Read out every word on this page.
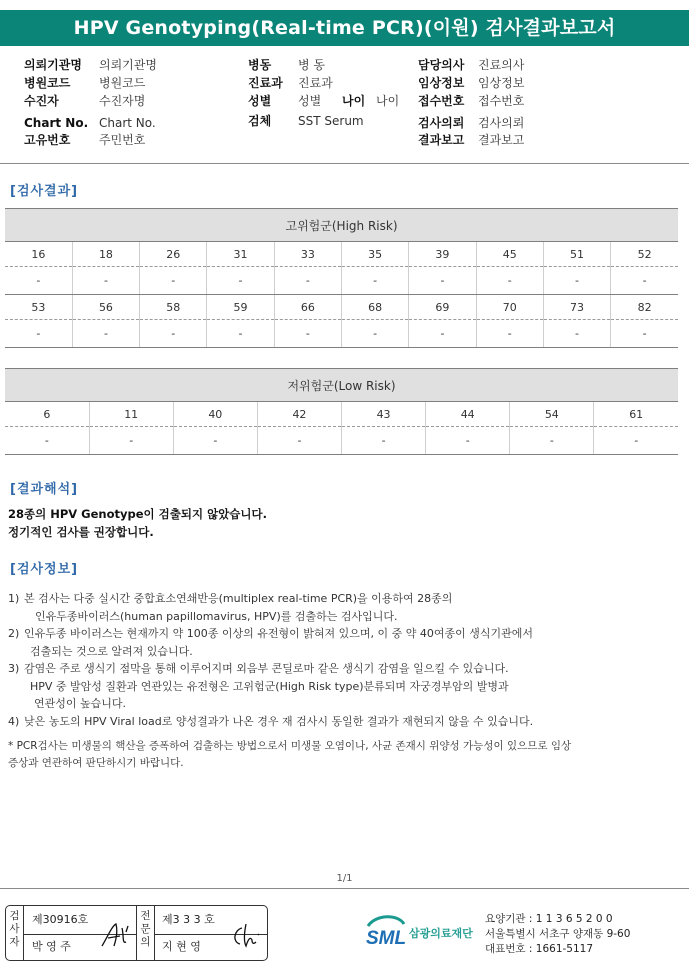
HPV Genotyping(Real-time PCR)(이원) 검사결과보고서
의뢰기관명 의뢰기관명
병원코드 병원코드
수진자	수진자명
Chart No. Chart No.
고유번호 주민번호
병동 병 동
진료과 진료과
성별 성별 나이 나이
검체 SST Serum
담당의사 진료의사
임상정보 임상정보
접수번호 접수번호
검사의뢰 검사의뢰
결과보고 결과보고
[검사결과]
고위험군(High Risk)									
16	18	26	31	33	35	39	45	51	52
-	-	-	-	-	-	-	-	-	-
53	56	58	59	66	68	69	70	73	82
-	-	-	-	-	-	-	-	-	-
저위험군(Low Risk)							
6	11	40	42	43	44	54	61
-	-	-	-	-	-	-	-
[결과해석]
28종의 HPV Genotype이 검출되지 않았습니다.
정기적인 검사를 권장합니다.
[검사정보]
1) 본 검사는 다중 실시간 중합효소연쇄반응(multiplex real-time PCR)을 이용하여 28종의
인유두종바이러스(human papillomavirus, HPV)를 검출하는 검사입니다.
2) 인유두종 바이러스는 현재까지 약 100종 이상의 유전형이 밝혀져 있으며, 이 중 약 40여종이 생식기관에서
검출되는 것으로 알려져 있습니다.
3) 감염은 주로 생식기 점막을 통해 이루어지며 외음부 콘딜로마 같은 생식기 감염을 일으킬 수 있습니다.
HPV 중 발암성 질환과 연관있는 유전형은 고위험군(High Risk type)분류되며 자궁경부암의 발병과
연관성이 높습니다.
4) 낮은 농도의 HPV Viral load로 양성결과가 나온 경우 재 검사시 동일한 결과가 재현되지 않을 수 있습니다.
* PCR검사는 미생물의 핵산을 증폭하여 검출하는 방법으로서 미생물 오염이나, 사균 존재시 위양성 가능성이 있으므로 임상
증상과 연관하여 판단하시기 바랍니다.
1/1
검
사
자
제30916호
박 영 주
전
문
의
제3 3 3 호
지 현 영	SML 삼광의료재단
요양기관 : 1 1 3 6 5 2 0 0
서울특별시 서초구 양재동 9-60
대표번호 : 1661-5117
